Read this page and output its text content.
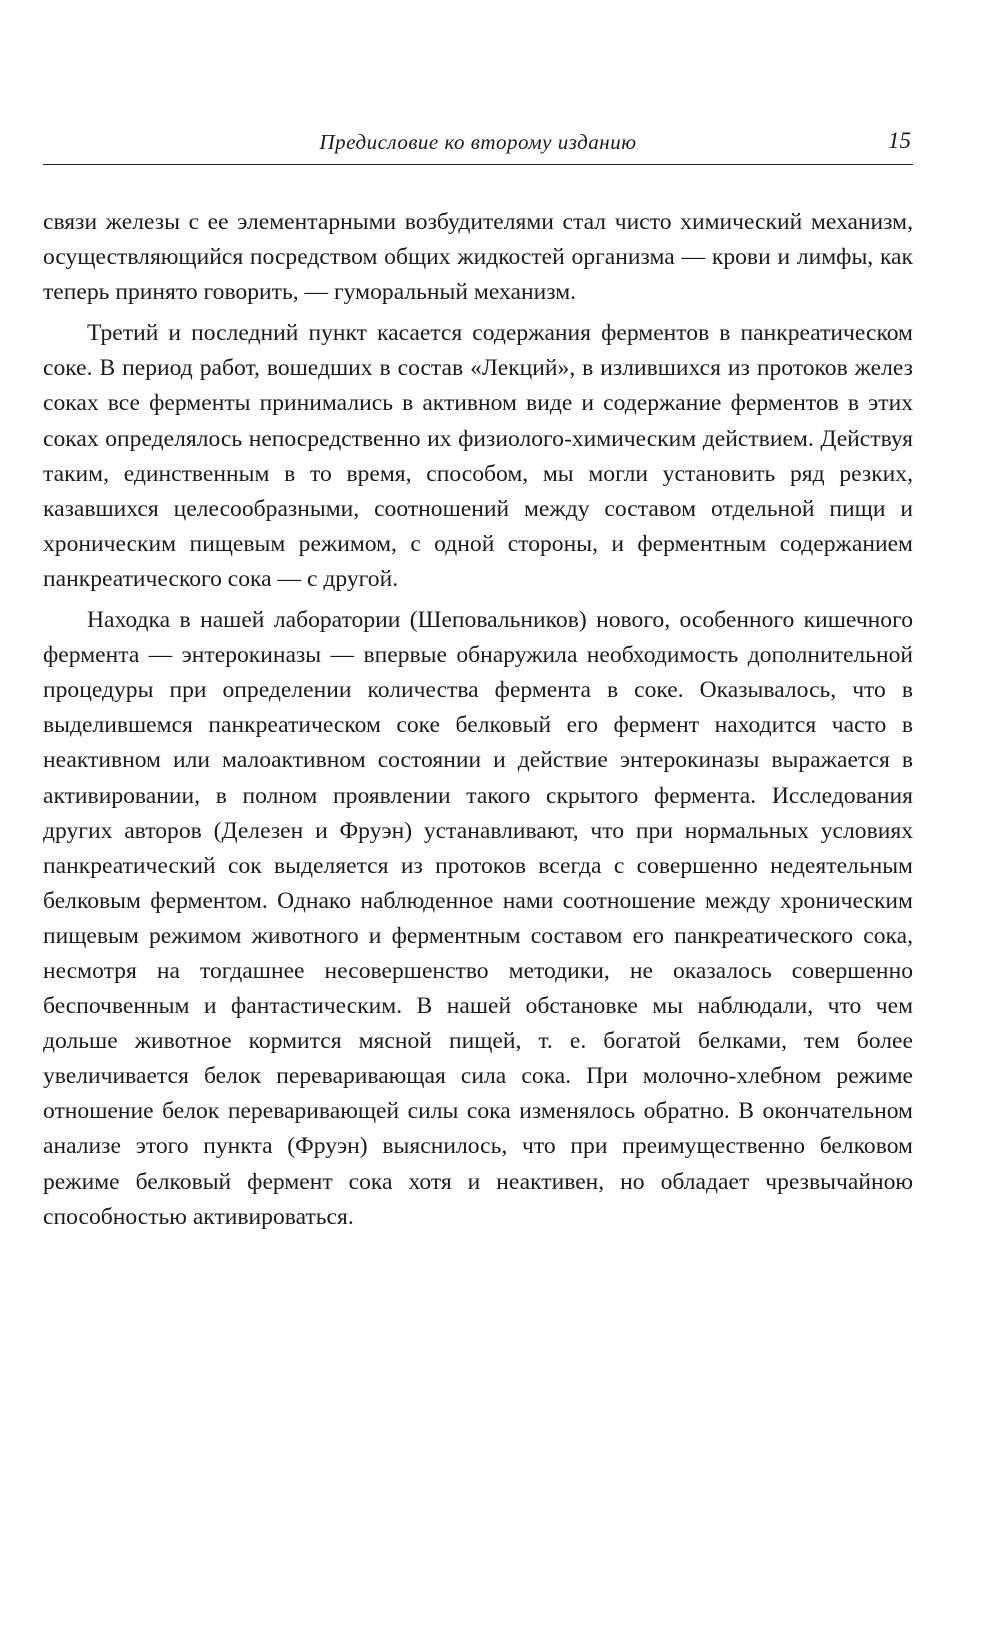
Предисловие ко второму изданию	15

связи железы с ее элементарными возбудителями стал чисто химический механизм, осуществляющийся посредством общих жидкостей организма — крови и лимфы, как теперь принято говорить, — гуморальный механизм.

Третий и последний пункт касается содержания ферментов в панкреатическом соке. В период работ, вошедших в состав «Лекций», в излившихся из протоков желез соках все ферменты принимались в активном виде и содержание ферментов в этих соках определялось непосредственно их физиолого-химическим действием. Действуя таким, единственным в то время, способом, мы могли установить ряд резких, казавшихся целесообразными, соотношений между составом отдельной пищи и хроническим пищевым режимом, с одной стороны, и ферментным содержанием панкреатического сока — с другой.

Находка в нашей лаборатории (Шеповальников) нового, особенного кишечного фермента — энтерокиназы — впервые обнаружила необходимость дополнительной процедуры при определении количества фермента в соке. Оказывалось, что в выделившемся панкреатическом соке белковый его фермент находится часто в неактивном или малоактивном состоянии и действие энтерокиназы выражается в активировании, в полном проявлении такого скрытого фермента. Исследования других авторов (Делезен и Фруэн) устанавливают, что при нормальных условиях панкреатический сок выделяется из протоков всегда с совершенно недеятельным белковым ферментом. Однако наблюденное нами соотношение между хроническим пищевым режимом животного и ферментным составом его панкреатического сока, несмотря на тогдашнее несовершенство методики, не оказалось совершенно беспочвенным и фантастическим. В нашей обстановке мы наблюдали, что чем дольше животное кормится мясной пищей, т. е. богатой белками, тем более увеличивается белок переваривающая сила сока. При молочно-хлебном режиме отношение белок переваривающей силы сока изменялось обратно. В окончательном анализе этого пункта (Фруэн) выяснилось, что при преимущественно белковом режиме белковый фермент сока хотя и неактивен, но обладает чрезвычайною способностью активироваться.
